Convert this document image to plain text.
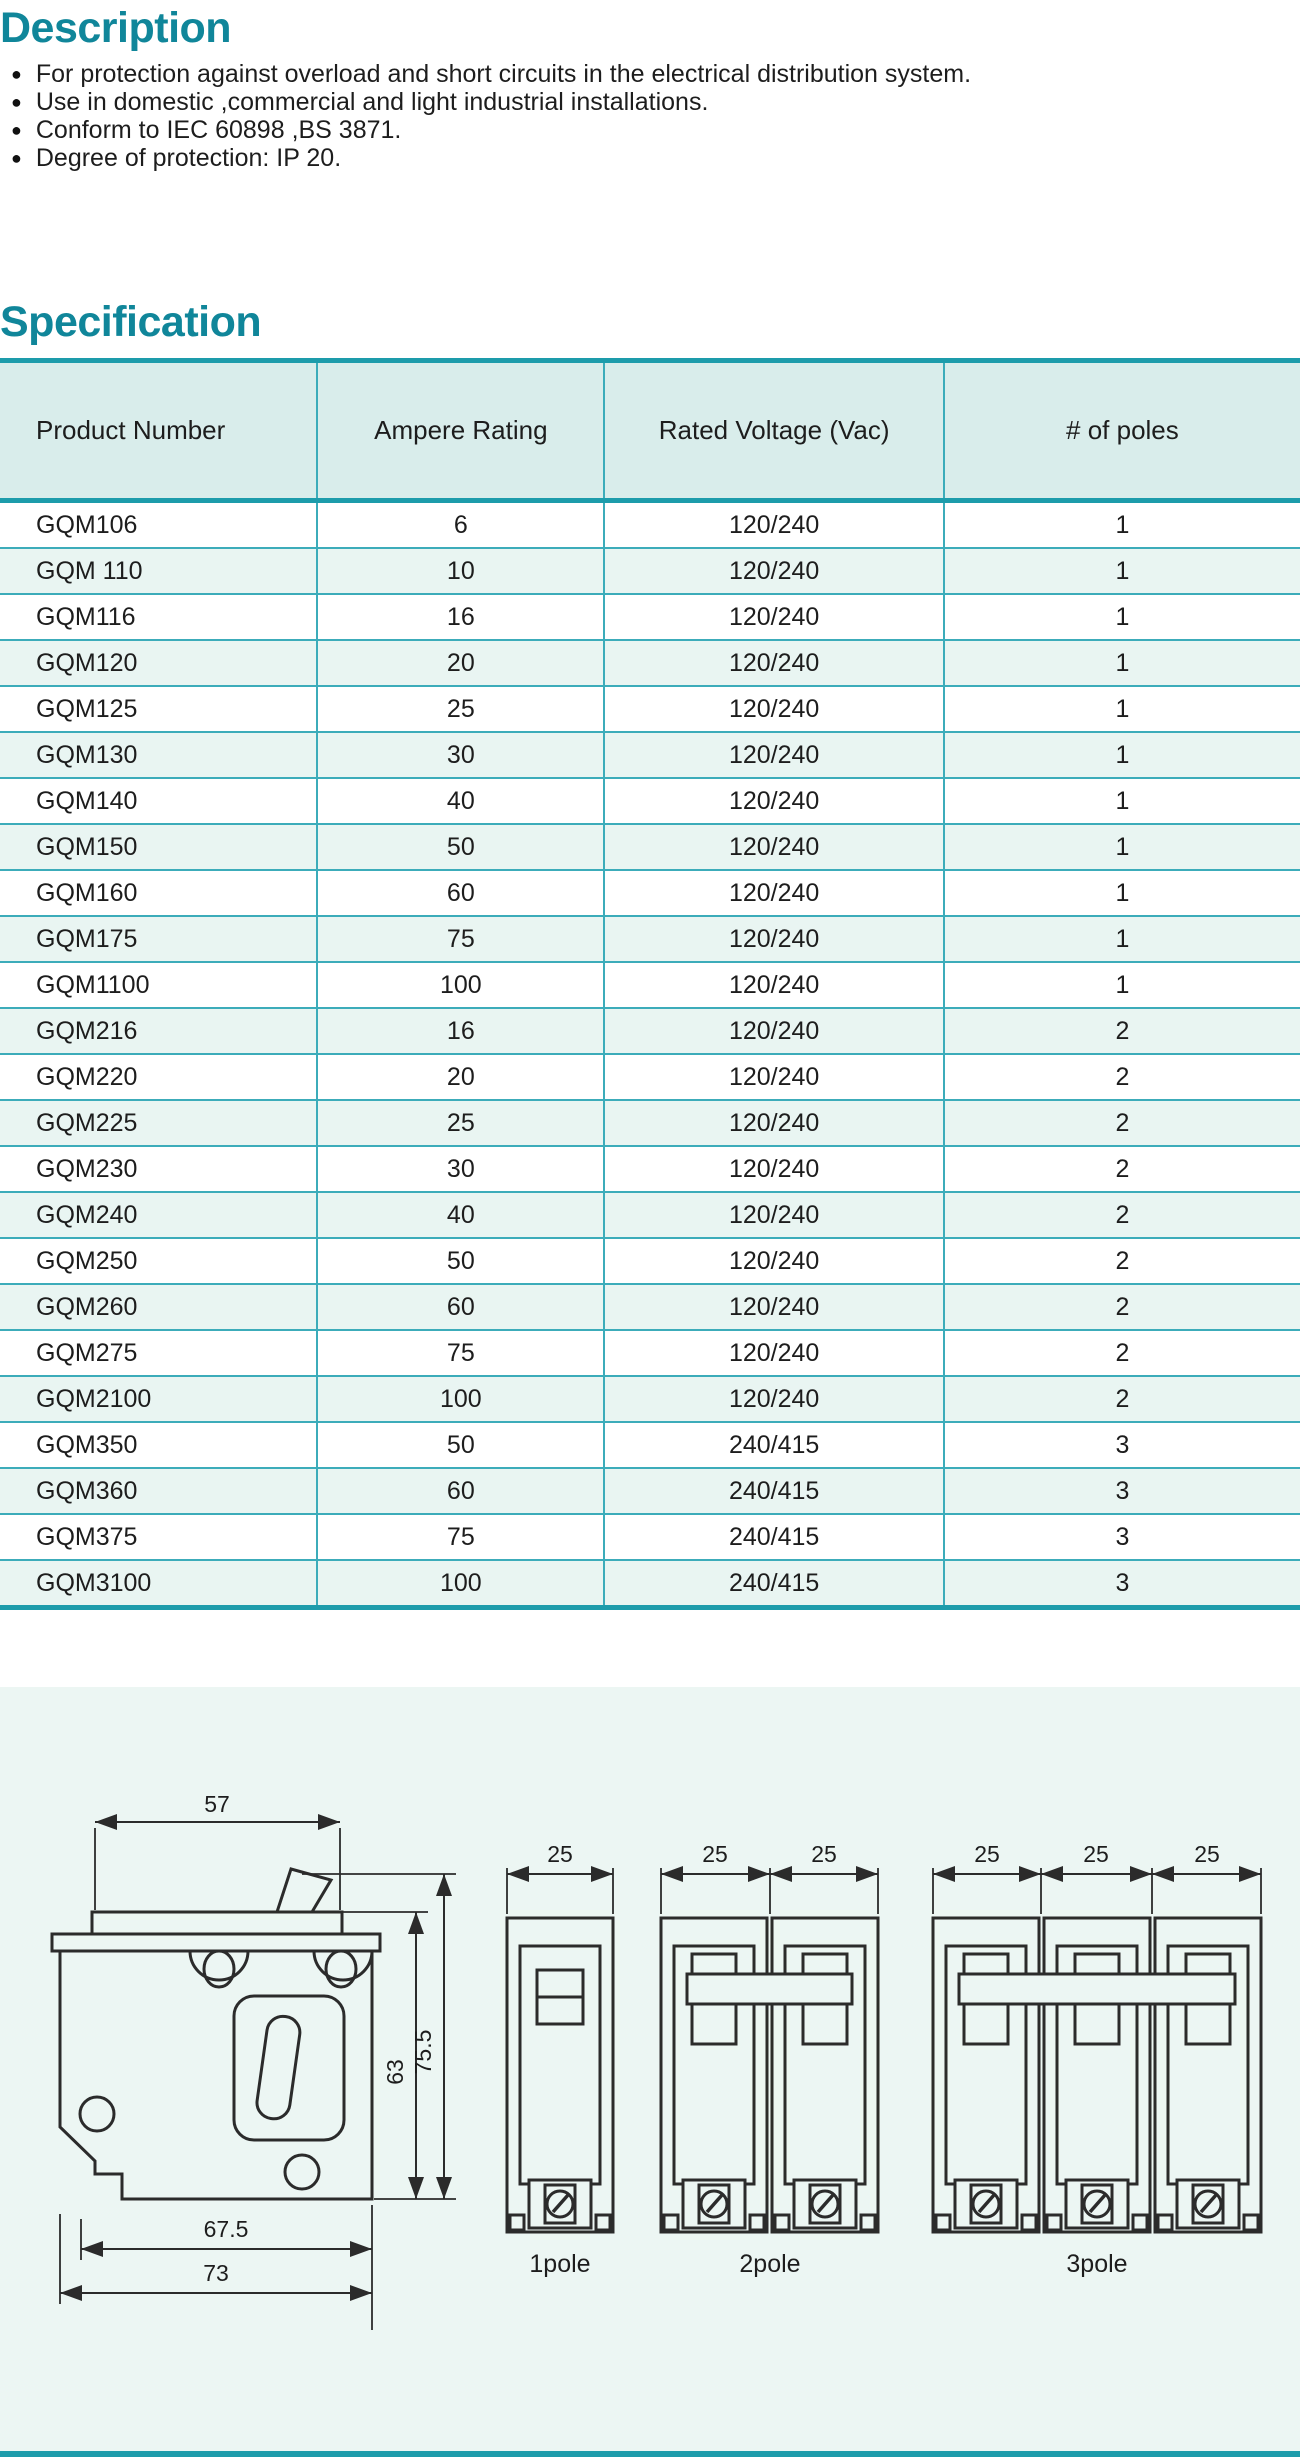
Description
● For protection against overload and short circuits in the electrical distribution system.
● Use in domestic ,commercial and light industrial installations.
● Conform to IEC 60898 ,BS 3871.
● Degree of protection: IP 20.
Specification
Product Number	Ampere Rating	Rated Voltage (Vac)	# of poles
GQM106	6	120/240	1
GQM 110	10	120/240	1
GQM116	16	120/240	1
GQM120	20	120/240	1
GQM125	25	120/240	1
GQM130	30	120/240	1
GQM140	40	120/240	1
GQM150	50	120/240	1
GQM160	60	120/240	1
GQM175	75	120/240	1
GQM1100	100	120/240	1
GQM216	16	120/240	2
GQM220	20	120/240	2
GQM225	25	120/240	2
GQM230	30	120/240	2
GQM240	40	120/240	2
GQM250	50	120/240	2
GQM260	60	120/240	2
GQM275	75	120/240	2
GQM2100	100	120/240	2
GQM350	50	240/415	3
GQM360	60	240/415	3
GQM375	75	240/415	3
GQM3100	100	240/415	3
57
63 75.5
67.5
73
25
1pole
25	25
2pole
25	25	25
3pole
